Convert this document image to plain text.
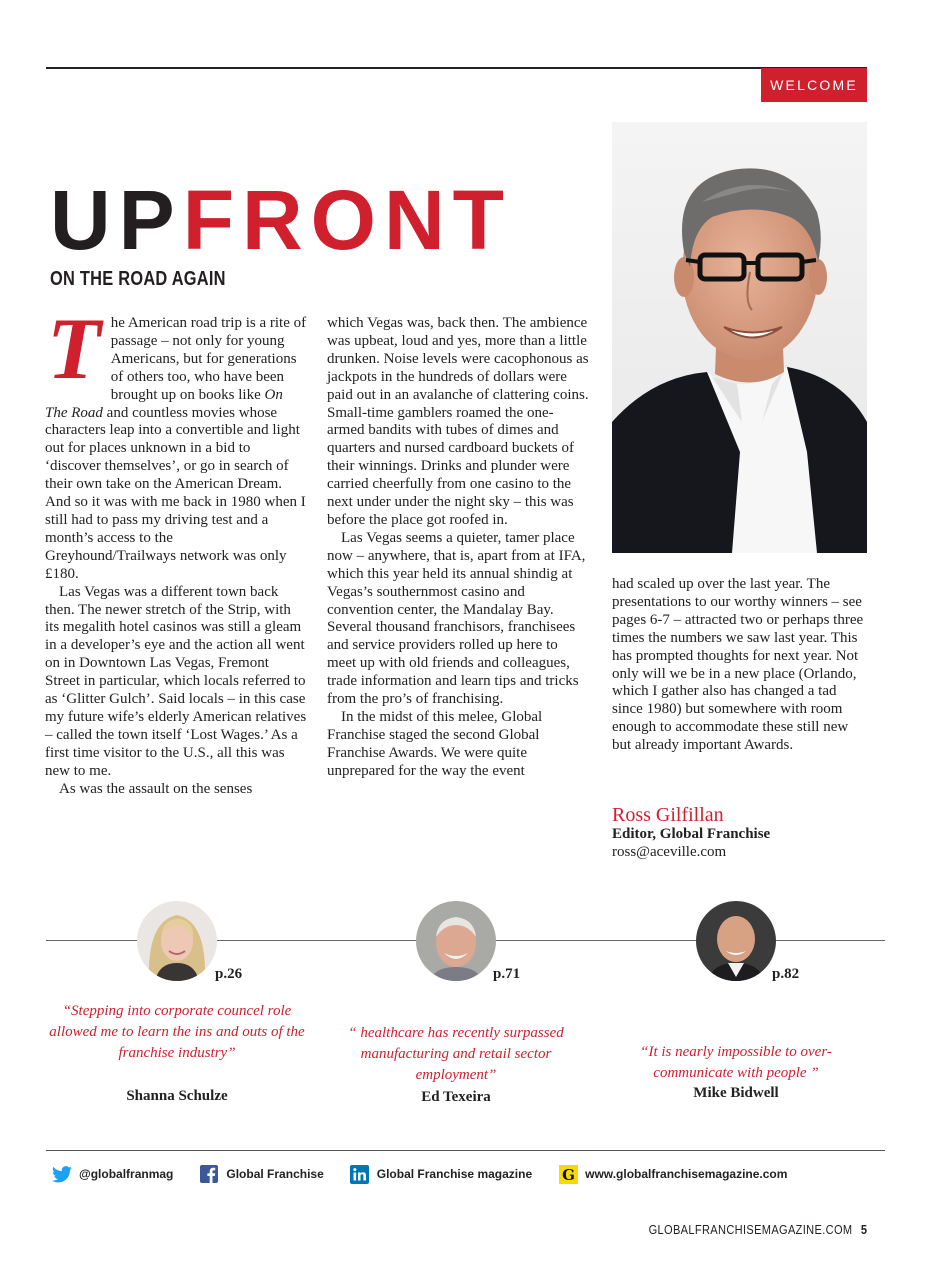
WELCOME
UPFRONT
ON THE ROAD AGAIN

The American road trip is a rite of passage – not only for young Americans, but for generations of others too, who have been brought up on books like On The Road and countless movies whose characters leap into a convertible and light out for places unknown in a bid to ‘discover themselves’, or go in search of their own take on the American Dream. And so it was with me back in 1980 when I still had to pass my driving test and a month’s access to the Greyhound/Trailways network was only £180.

Las Vegas was a different town back then. The newer stretch of the Strip, with its megalith hotel casinos was still a gleam in a developer’s eye and the action all went on in Downtown Las Vegas, Fremont Street in particular, which locals referred to as ‘Glitter Gulch’. Said locals – in this case my future wife’s elderly American relatives – called the town itself ‘Lost Wages.’ As a first time visitor to the U.S., all this was new to me.

As was the assault on the senses

which Vegas was, back then. The ambience was upbeat, loud and yes, more than a little drunken. Noise levels were cacophonous as jackpots in the hundreds of dollars were paid out in an avalanche of clattering coins. Small-time gamblers roamed the one-armed bandits with tubes of dimes and quarters and nursed cardboard buckets of their winnings. Drinks and plunder were carried cheerfully from one casino to the next under under the night sky – this was before the place got roofed in.

Las Vegas seems a quieter, tamer place now – anywhere, that is, apart from at IFA, which this year held its annual shindig at Vegas’s southernmost casino and convention center, the Mandalay Bay. Several thousand franchisors, franchisees and service providers rolled up here to meet up with old friends and colleagues, trade information and learn tips and tricks from the pro’s of franchising.

In the midst of this melee, Global Franchise staged the second Global Franchise Awards. We were quite unprepared for the way the event

had scaled up over the last year. The presentations to our worthy winners – see pages 6-7 – attracted two or perhaps three times the numbers we saw last year. This has prompted thoughts for next year. Not only will we be in a new place (Orlando, which I gather also has changed a tad since 1980) but somewhere with room enough to accommodate these still new but already important Awards.

Ross Gilfillan
Editor, Global Franchise
ross@aceville.com
p.26
“Stepping into corporate councel role allowed me to learn the ins and outs of the franchise industry”
Shanna Schulze
p.71
“ healthcare has recently surpassed manufacturing and retail sector employment”
Ed Texeira
p.82
“It is nearly impossible to over-communicate with people ”
Mike Bidwell
@globalfranmag	Global Franchise	Global Franchise magazine G www.globalfranchisemagazine.com
GLOBALFRANCHISEMAGAZINE.COM 5
